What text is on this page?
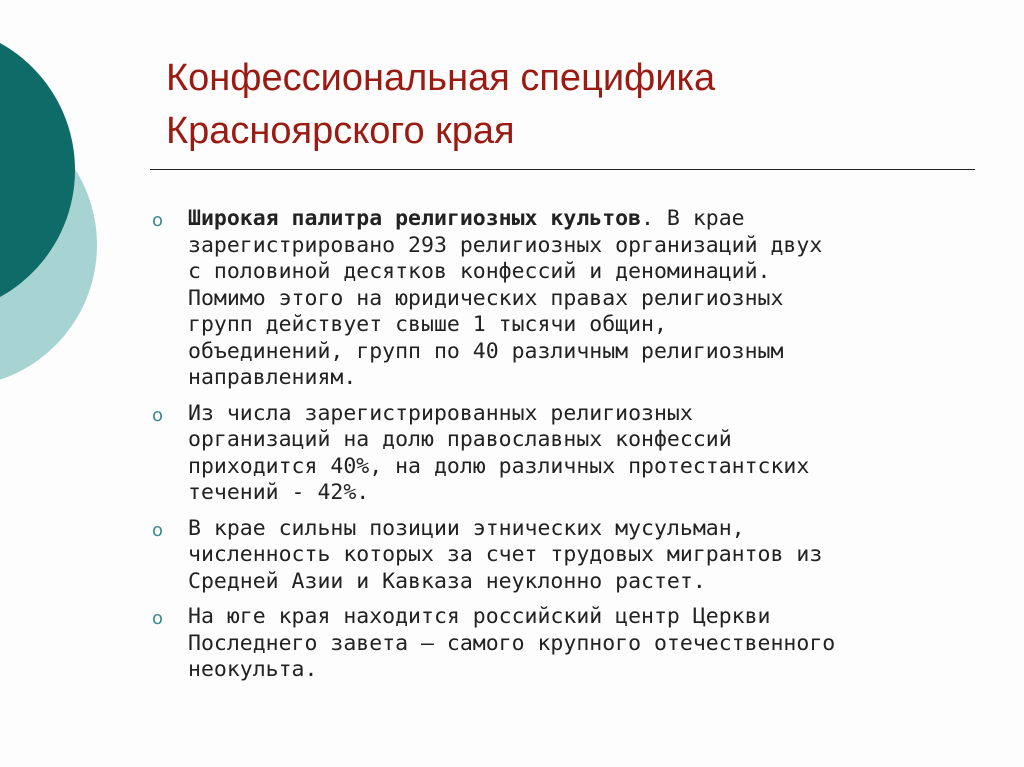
Конфессиональная специфика
Красноярского края
о Широкая палитра религиозных культов. В крае
зарегистрировано 293 религиозных организаций двух
с половиной десятков конфессий и деноминаций.
Помимо этого на юридических правах религиозных
групп действует свыше 1 тысячи общин,
объединений, групп по 40 различным религиозным
направлениям.
о Из числа зарегистрированных религиозных
организаций на долю православных конфессий
приходится 40%, на долю различных протестантских
течений - 42%.
о В крае сильны позиции этнических мусульман,
численность которых за счет трудовых мигрантов из
Средней Азии и Кавказа неуклонно растет.
о На юге края находится российский центр Церкви
Последнего завета – самого крупного отечественного
неокульта.
